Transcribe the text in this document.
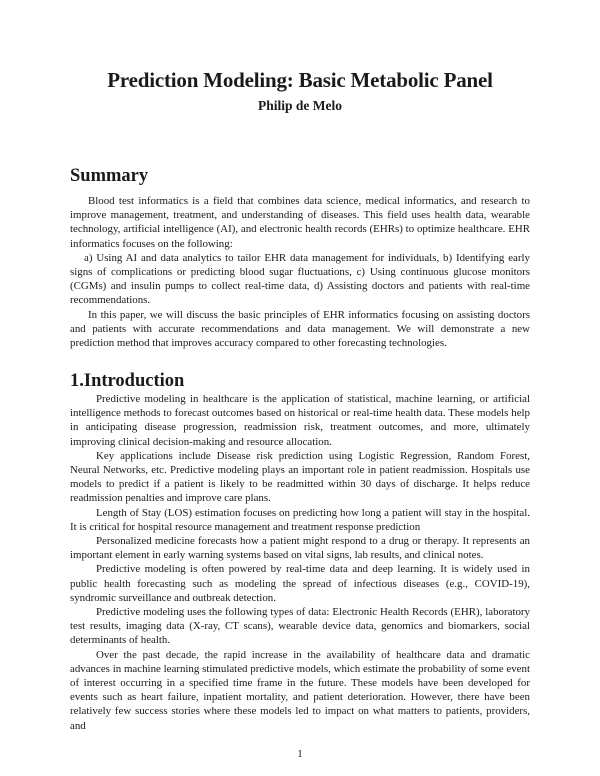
Prediction Modeling: Basic Metabolic Panel
Philip de Melo
Summary

Blood test informatics is a field that combines data science, medical informatics, and research to improve management, treatment, and understanding of diseases. This field uses health data, wearable technology, artificial intelligence (AI), and electronic health records (EHRs) to optimize healthcare. EHR informatics focuses on the following:

a) Using AI and data analytics to tailor EHR data management for individuals, b) Identifying early signs of complications or predicting blood sugar fluctuations, c) Using continuous glucose monitors (CGMs) and insulin pumps to collect real-time data, d) Assisting doctors and patients with real-time recommendations.

In this paper, we will discuss the basic principles of EHR informatics focusing on assisting doctors and patients with accurate recommendations and data management. We will demonstrate a new prediction method that improves accuracy compared to other forecasting technologies.

1.Introduction

Predictive modeling in healthcare is the application of statistical, machine learning, or artificial intelligence methods to forecast outcomes based on historical or real-time health data. These models help in anticipating disease progression, readmission risk, treatment outcomes, and more, ultimately improving clinical decision-making and resource allocation.

Key applications include Disease risk prediction using Logistic Regression, Random Forest, Neural Networks, etc. Predictive modeling plays an important role in patient readmission. Hospitals use models to predict if a patient is likely to be readmitted within 30 days of discharge. It helps reduce readmission penalties and improve care plans.

Length of Stay (LOS) estimation focuses on predicting how long a patient will stay in the hospital. It is critical for hospital resource management and treatment response prediction

Personalized medicine forecasts how a patient might respond to a drug or therapy. It represents an important element in early warning systems based on vital signs, lab results, and clinical notes.

Predictive modeling is often powered by real-time data and deep learning. It is widely used in public health forecasting such as modeling the spread of infectious diseases (e.g., COVID-19), syndromic surveillance and outbreak detection.

Predictive modeling uses the following types of data: Electronic Health Records (EHR), laboratory test results, imaging data (X-ray, CT scans), wearable device data, genomics and biomarkers, social determinants of health.

Over the past decade, the rapid increase in the availability of healthcare data and dramatic advances in machine learning stimulated predictive models, which estimate the probability of some event of interest occurring in a specified time frame in the future. These models have been developed for events such as heart failure, inpatient mortality, and patient deterioration. However, there have been relatively few success stories where these models led to impact on what matters to patients, providers, and

1
